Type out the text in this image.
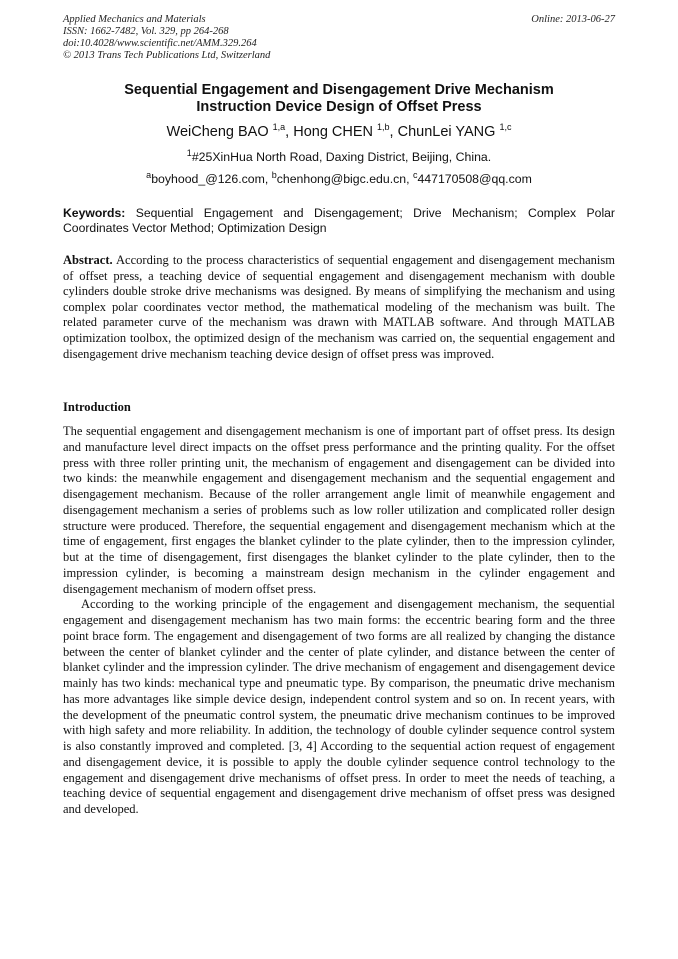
Applied Mechanics and Materials
ISSN: 1662-7482, Vol. 329, pp 264-268
doi:10.4028/www.scientific.net/AMM.329.264
© 2013 Trans Tech Publications Ltd, Switzerland
Online: 2013-06-27
Sequential Engagement and Disengagement Drive Mechanism
Instruction Device Design of Offset Press
WeiCheng BAO $^{1,a}$, Hong CHEN $^{1,b}$, ChunLei YANG $^{1,c}$
$^1$#25XinHua North Road, Daxing District, Beijing, China.
$^a$boyhood_@126.com, $^b$chenhong@bigc.edu.cn, $^c$447170508@qq.com
Keywords: Sequential Engagement and Disengagement; Drive Mechanism; Complex Polar Coordinates Vector Method; Optimization Design
Abstract. According to the process characteristics of sequential engagement and disengagement mechanism of offset press, a teaching device of sequential engagement and disengagement mechanism with double cylinders double stroke drive mechanisms was designed. By means of simplifying the mechanism and using complex polar coordinates vector method, the mathematical modeling of the mechanism was built. The related parameter curve of the mechanism was drawn with MATLAB software. And through MATLAB optimization toolbox, the optimized design of the mechanism was carried on, the sequential engagement and disengagement drive mechanism teaching device design of offset press was improved.
Introduction

The sequential engagement and disengagement mechanism is one of important part of offset press. Its design and manufacture level direct impacts on the offset press performance and the printing quality. For the offset press with three roller printing unit, the mechanism of engagement and disengagement can be divided into two kinds: the meanwhile engagement and disengagement mechanism and the sequential engagement and disengagement mechanism. Because of the roller arrangement angle limit of meanwhile engagement and disengagement mechanism a series of problems such as low roller utilization and complicated roller design structure were produced. Therefore, the sequential engagement and disengagement mechanism which at the time of engagement, first engages the blanket cylinder to the plate cylinder, then to the impression cylinder, but at the time of disengagement, first disengages the blanket cylinder to the plate cylinder, then to the impression cylinder, is becoming a mainstream design mechanism in the cylinder engagement and disengagement mechanism of modern offset press.

According to the working principle of the engagement and disengagement mechanism, the sequential engagement and disengagement mechanism has two main forms: the eccentric bearing form and the three point brace form. The engagement and disengagement of two forms are all realized by changing the distance between the center of blanket cylinder and the center of plate cylinder, and distance between the center of blanket cylinder and the impression cylinder. The drive mechanism of engagement and disengagement device mainly has two kinds: mechanical type and pneumatic type. By comparison, the pneumatic drive mechanism has more advantages like simple device design, independent control system and so on. In recent years, with the development of the pneumatic control system, the pneumatic drive mechanism continues to be improved with high safety and more reliability. In addition, the technology of double cylinder sequence control system is also constantly improved and completed. [3, 4] According to the sequential action request of engagement and disengagement device, it is possible to apply the double cylinder sequence control technology to the engagement and disengagement drive mechanisms of offset press. In order to meet the needs of teaching, a teaching device of sequential engagement and disengagement drive mechanism of offset press was designed and developed.
